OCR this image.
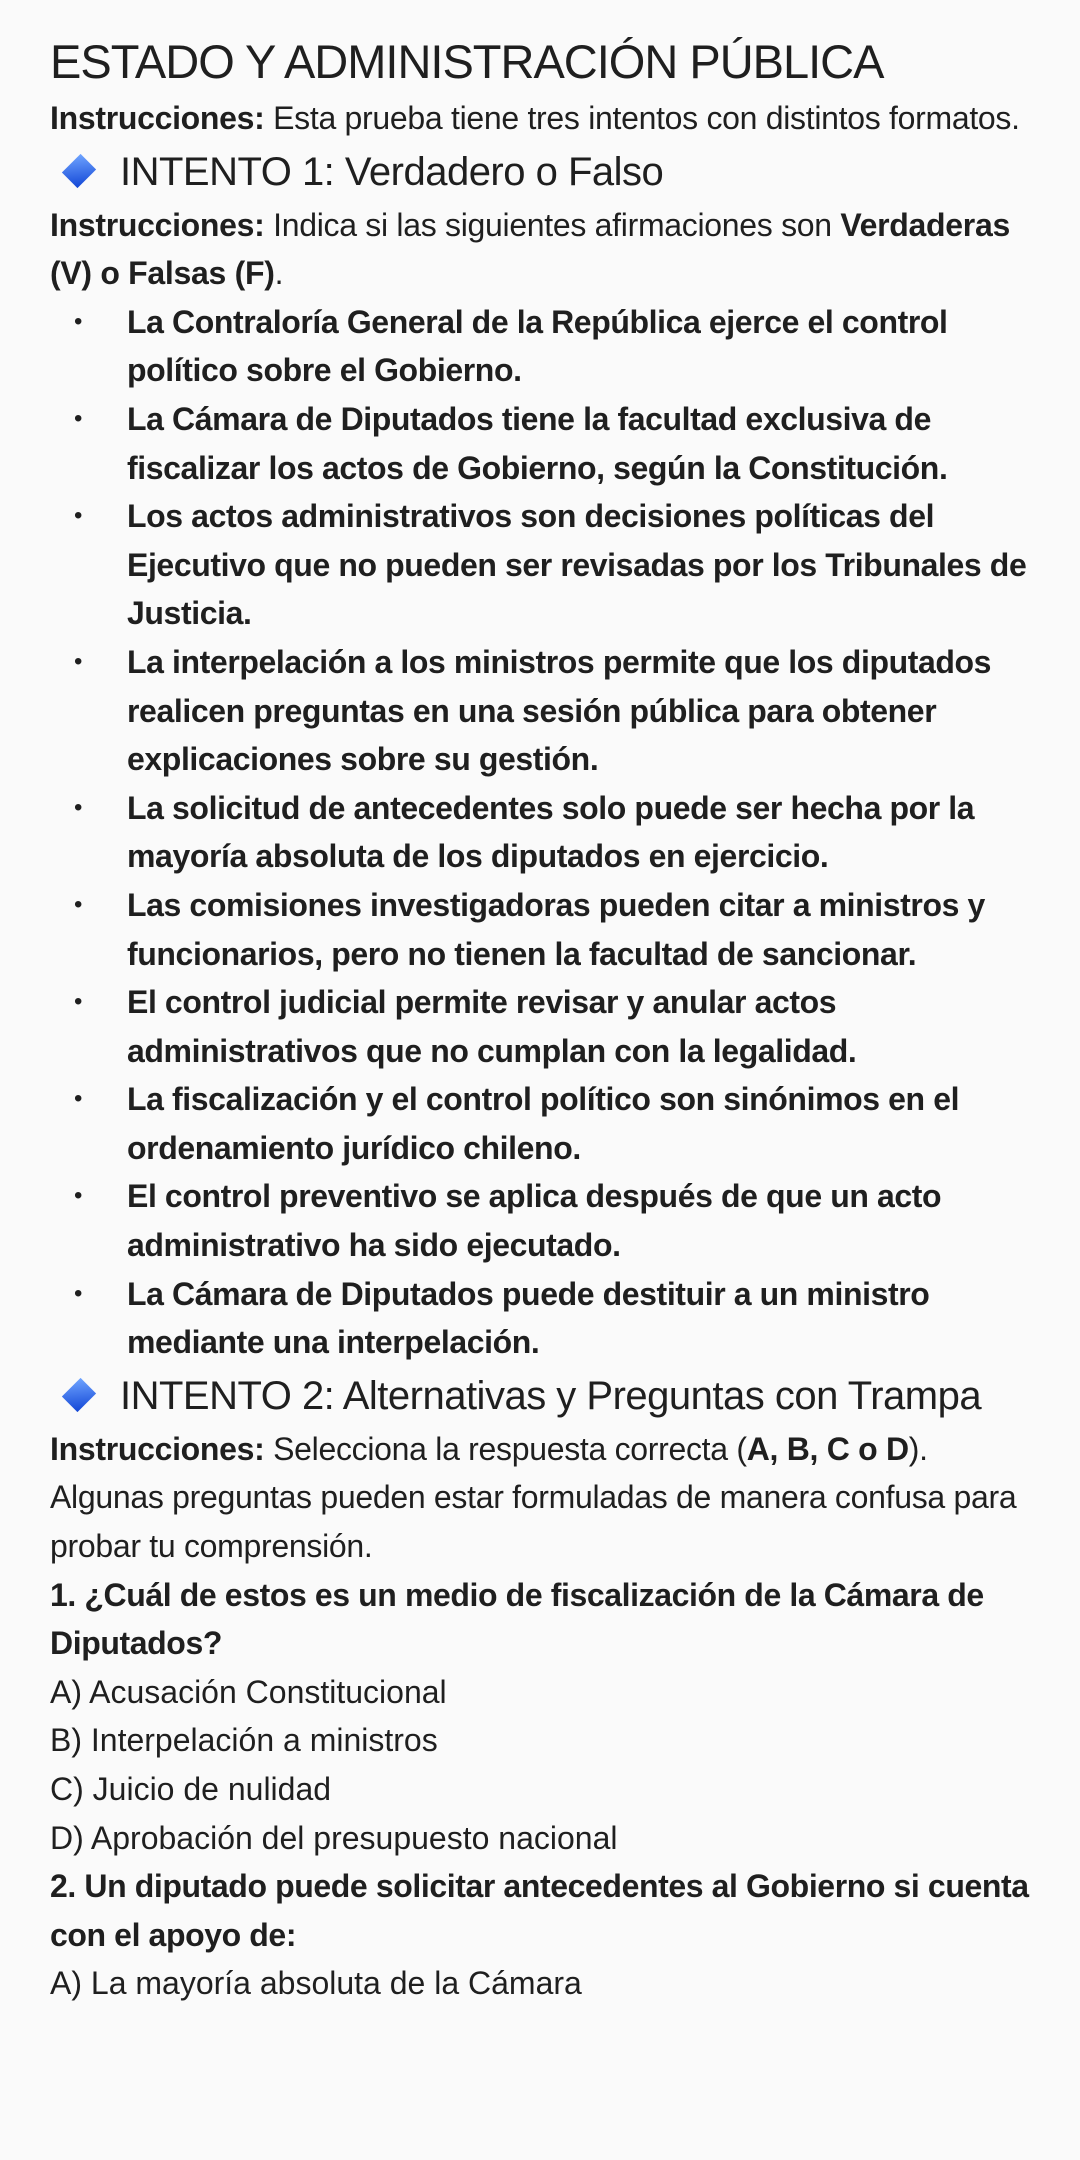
ESTADO Y ADMINISTRACIÓN PÚBLICA

Instrucciones: Esta prueba tiene tres intentos con distintos formatos.

INTENTO 1: Verdadero o Falso

Instrucciones: Indica si las siguientes afirmaciones son Verdaderas (V) o Falsas (F).

• La Contraloría General de la República ejerce el control político sobre el Gobierno.
• La Cámara de Diputados tiene la facultad exclusiva de fiscalizar los actos de Gobierno, según la Constitución.
• Los actos administrativos son decisiones políticas del Ejecutivo que no pueden ser revisadas por los Tribunales de Justicia.
• La interpelación a los ministros permite que los diputados realicen preguntas en una sesión pública para obtener explicaciones sobre su gestión.
• La solicitud de antecedentes solo puede ser hecha por la mayoría absoluta de los diputados en ejercicio.
• Las comisiones investigadoras pueden citar a ministros y funcionarios, pero no tienen la facultad de sancionar.
• El control judicial permite revisar y anular actos administrativos que no cumplan con la legalidad.
• La fiscalización y el control político son sinónimos en el ordenamiento jurídico chileno.
• El control preventivo se aplica después de que un acto administrativo ha sido ejecutado.
• La Cámara de Diputados puede destituir a un ministro mediante una interpelación.
INTENTO 2: Alternativas y Preguntas con Trampa

Instrucciones: Selecciona la respuesta correcta (A, B, C o D). Algunas preguntas pueden estar formuladas de manera confusa para probar tu comprensión.

1. ¿Cuál de estos es un medio de fiscalización de la Cámara de Diputados?

A) Acusación Constitucional

B) Interpelación a ministros

C) Juicio de nulidad

D) Aprobación del presupuesto nacional

2. Un diputado puede solicitar antecedentes al Gobierno si cuenta con el apoyo de:

A) La mayoría absoluta de la Cámara
